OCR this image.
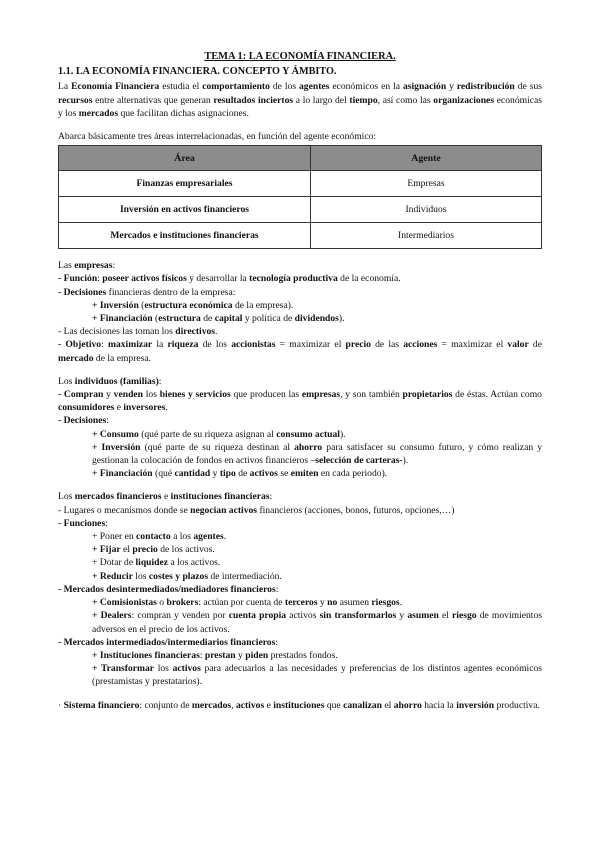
TEMA 1: LA ECONOMÍA FINANCIERA.

1.1. LA ECONOMÍA FINANCIERA. CONCEPTO Y ÁMBITO.

La Economía Financiera estudia el comportamiento de los agentes económicos en la asignación y redistribución de sus recursos entre alternativas que generan resultados inciertos a lo largo del tiempo, así como las organizaciones económicas y los mercados que facilitan dichas asignaciones.

Abarca básicamente tres áreas interrelacionadas, en función del agente económico:

Área	Agente
Finanzas empresariales	Empresas
Inversión en activos financieros	Individuos
Mercados e instituciones financieras	Intermediarios

Las empresas:

- Función: poseer activos físicos y desarrollar la tecnología productiva de la economía.

- Decisiones financieras dentro de la empresa:

+ Inversión (estructura económica de la empresa).

+ Financiación (estructura de capital y política de dividendos).

- Las decisiones las toman los directivos.

- Objetivo: maximizar la riqueza de los accionistas = maximizar el precio de las acciones = maximizar el valor de mercado de la empresa.

Los individuos (familias):

- Compran y venden los bienes y servicios que producen las empresas, y son también propietarios de éstas. Actúan como consumidores e inversores.

- Decisiones:

+ Consumo (qué parte de su riqueza asignan al consumo actual).

+ Inversión (qué parte de su riqueza destinan al ahorro para satisfacer su consumo futuro, y cómo realizan y gestionan la colocación de fondos en activos financieros –selección de carteras-).

+ Financiación (qué cantidad y tipo de activos se emiten en cada periodo).

Los mercados financieros e instituciones financieras:

- Lugares o mecanismos donde se negocian activos financieros (acciones, bonos, futuros, opciones,…)

- Funciones:

+ Poner en contacto a los agentes.

+ Fijar el precio de los activos.

+ Dotar de liquidez a los activos.

+ Reducir los costes y plazos de intermediación.

- Mercados desintermediados/mediadores financieros:

+ Comisionistas o brokers: actúan por cuenta de terceros y no asumen riesgos.

+ Dealers: compran y venden por cuenta propia activos sin transformarlos y asumen el riesgo de movimientos adversos en el precio de los activos.

- Mercados intermediados/intermediarios financieros:

+ Instituciones financieras: prestan y piden prestados fondos.

+ Transformar los activos para adecuarlos a las necesidades y preferencias de los distintos agentes económicos (prestamistas y prestatarios).

· Sistema financiero: conjunto de mercados, activos e instituciones que canalizan el ahorro hacia la inversión productiva.
